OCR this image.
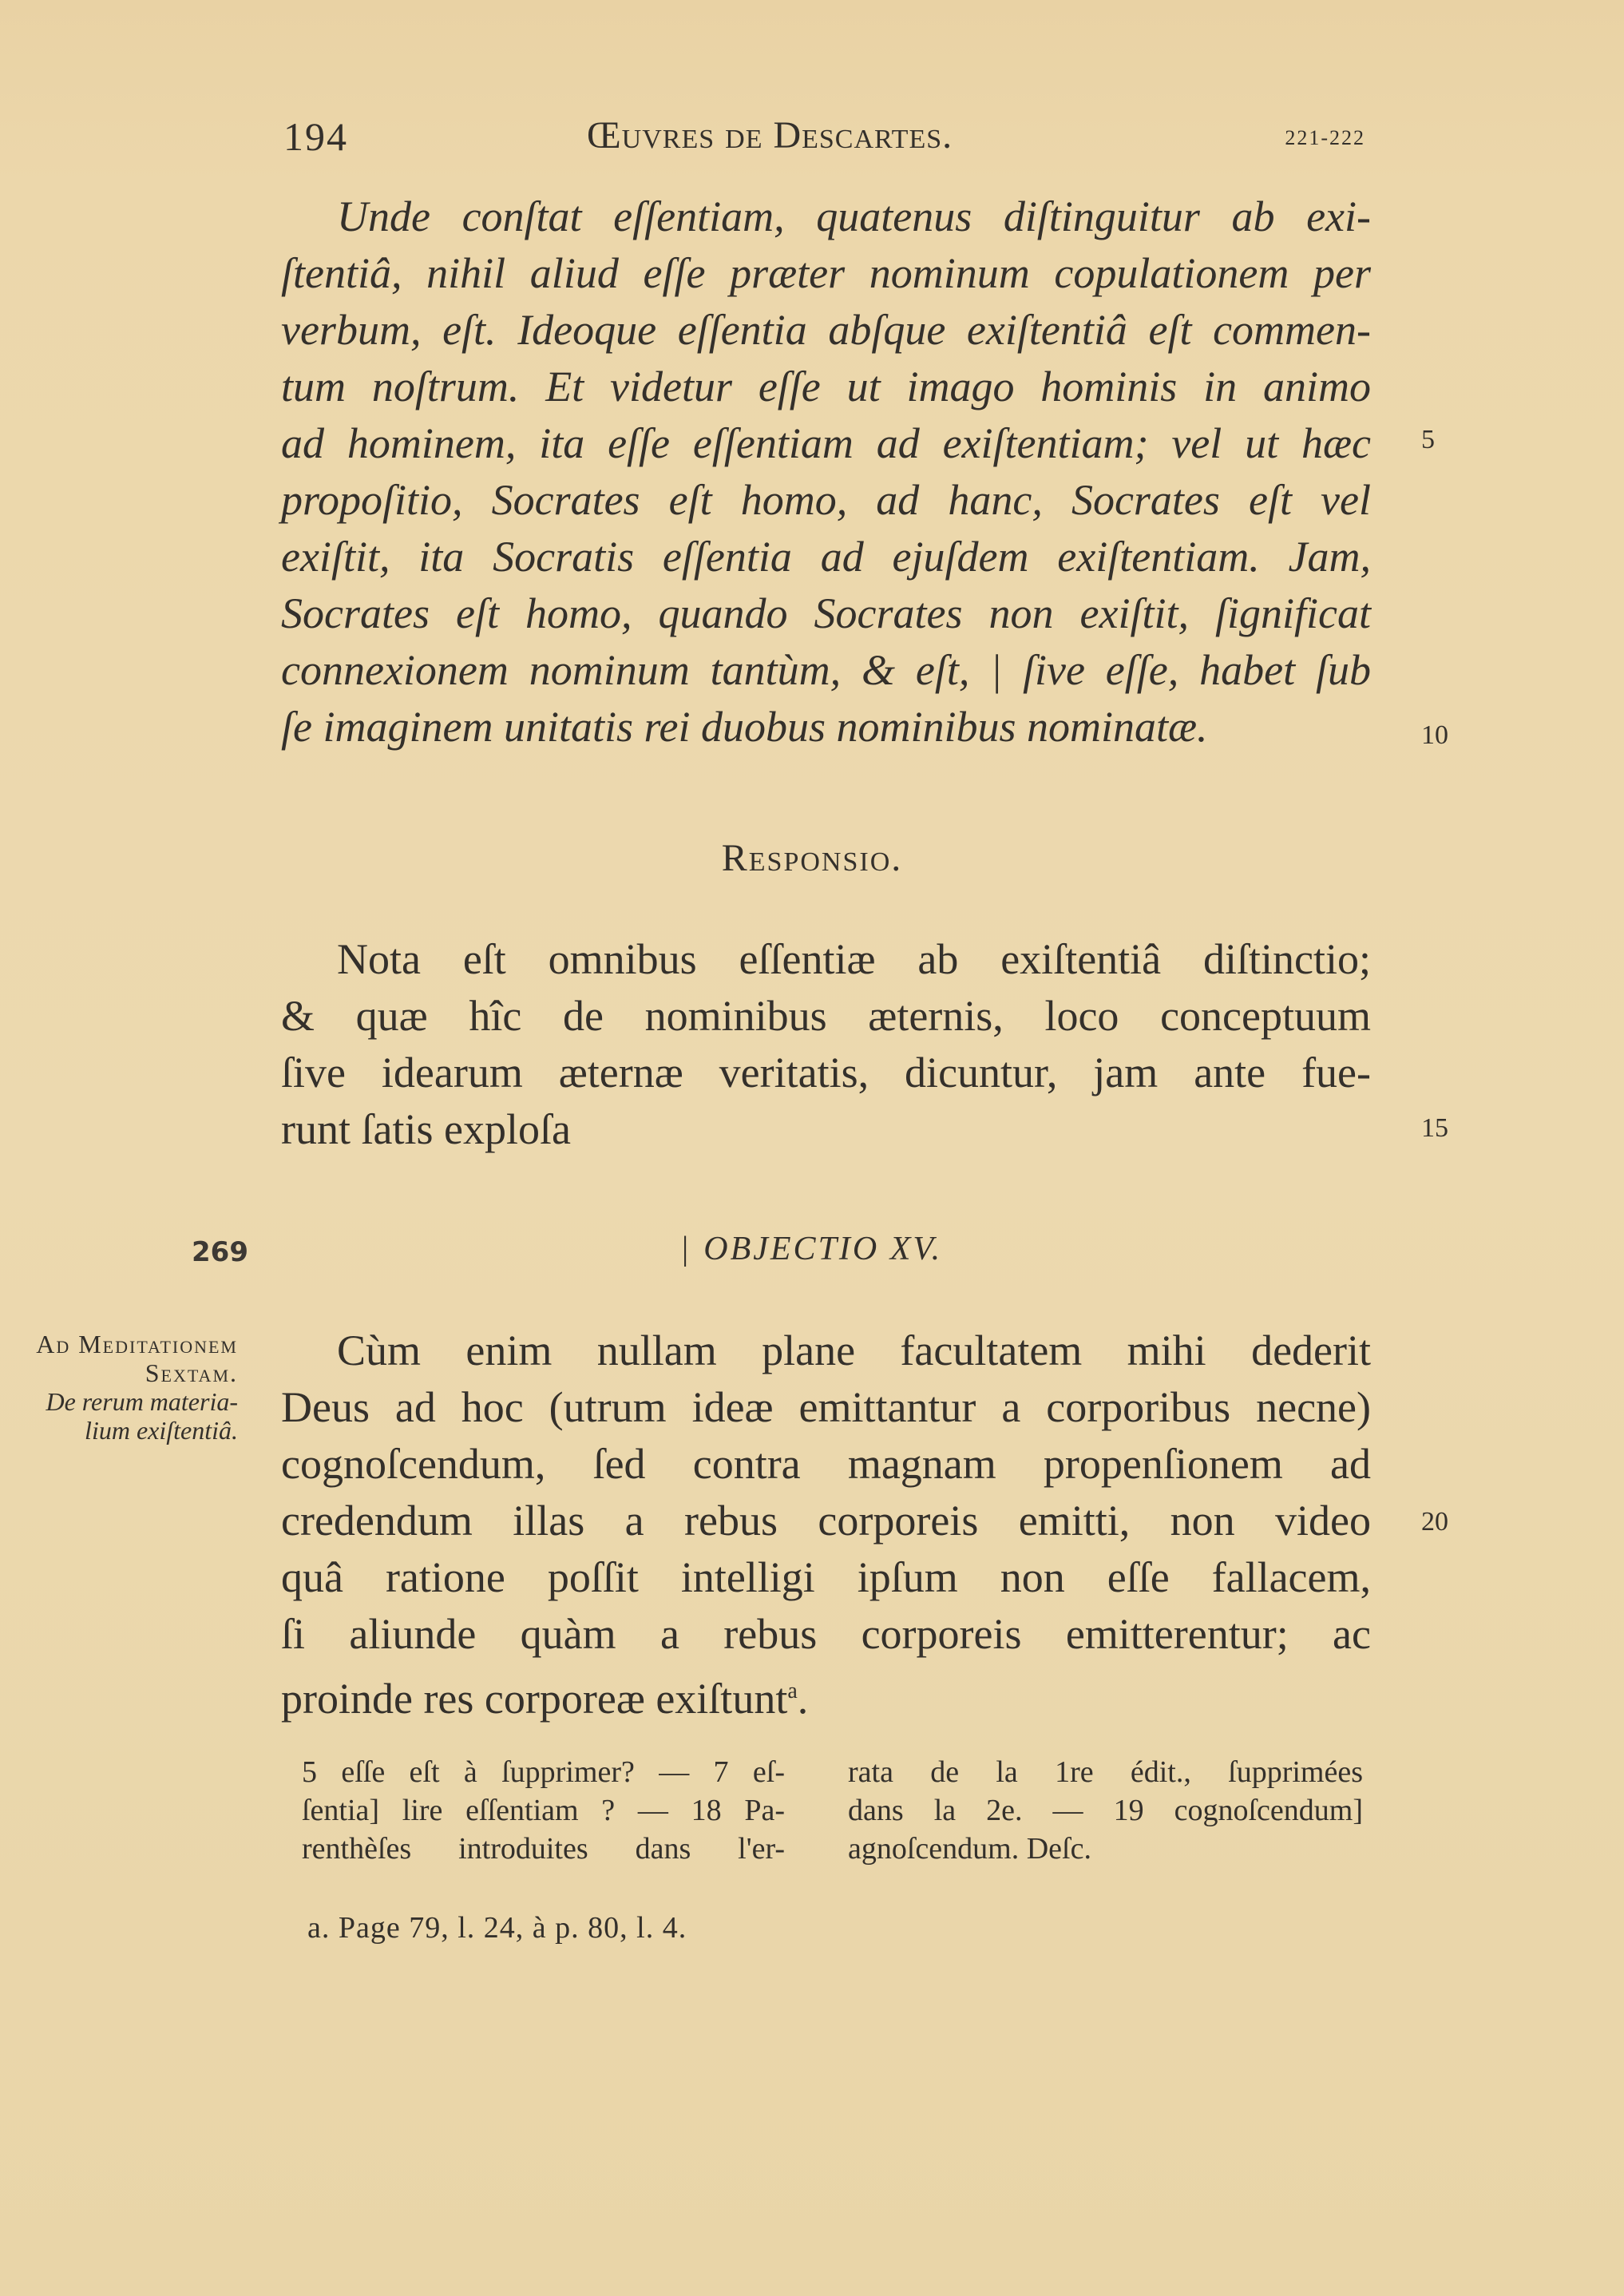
194	Œuvres de Descartes.	221-222
Unde conſtat eſſentiam, quatenus diſtinguitur ab exi-
ſtentiâ, nihil aliud eſſe præter nominum copulationem per
verbum, eſt. Ideoque eſſentia abſque exiſtentiâ eſt commen-
tum noſtrum. Et videtur eſſe ut imago hominis in animo
ad hominem, ita eſſe eſſentiam ad exiſtentiam; vel ut hæc
propoſitio, Socrates eſt homo, ad hanc, Socrates eſt vel
exiſtit, ita Socratis eſſentia ad ejuſdem exiſtentiam. Jam,
Socrates eſt homo, quando Socrates non exiſtit, ſignificat
connexionem nominum tantùm, & eſt, | ſive eſſe, habet ſub
ſe imaginem unitatis rei duobus nominibus nominatæ.
5
10
Responsio.
Nota eſt omnibus eſſentiæ ab exiſtentiâ diſtinctio;
& quæ hîc de nominibus æternis, loco conceptuum
ſive idearum æternæ veritatis, dicuntur, jam ante fue-
runt ſatis exploſa	15
269	| OBJECTIO XV.
Ad Meditationem
Sextam.
De rerum materia-
lium exiſtentiâ.
Cùm enim nullam plane facultatem mihi dederit
Deus ad hoc (utrum ideæ emittantur a corporibus necne)
cognoſcendum, ſed contra magnam propenſionem ad
credendum illas a rebus corporeis emitti, non video
quâ ratione poſſit intelligi ipſum non eſſe fallacem,
ſi aliunde quàm a rebus corporeis emitterentur; ac
proinde res corporeæ exiſtunt$^a$.
20
5 eſſe eſt à ſupprimer? — 7 eſ-
ſentia] lire eſſentiam ? — 18 Pa-
renthèſes introduites dans l'er-
rata de la 1re édit., ſupprimées
dans la 2e. — 19 cognoſcendum]
agnoſcendum. Deſc.
a. Page 79, l. 24, à p. 80, l. 4.
